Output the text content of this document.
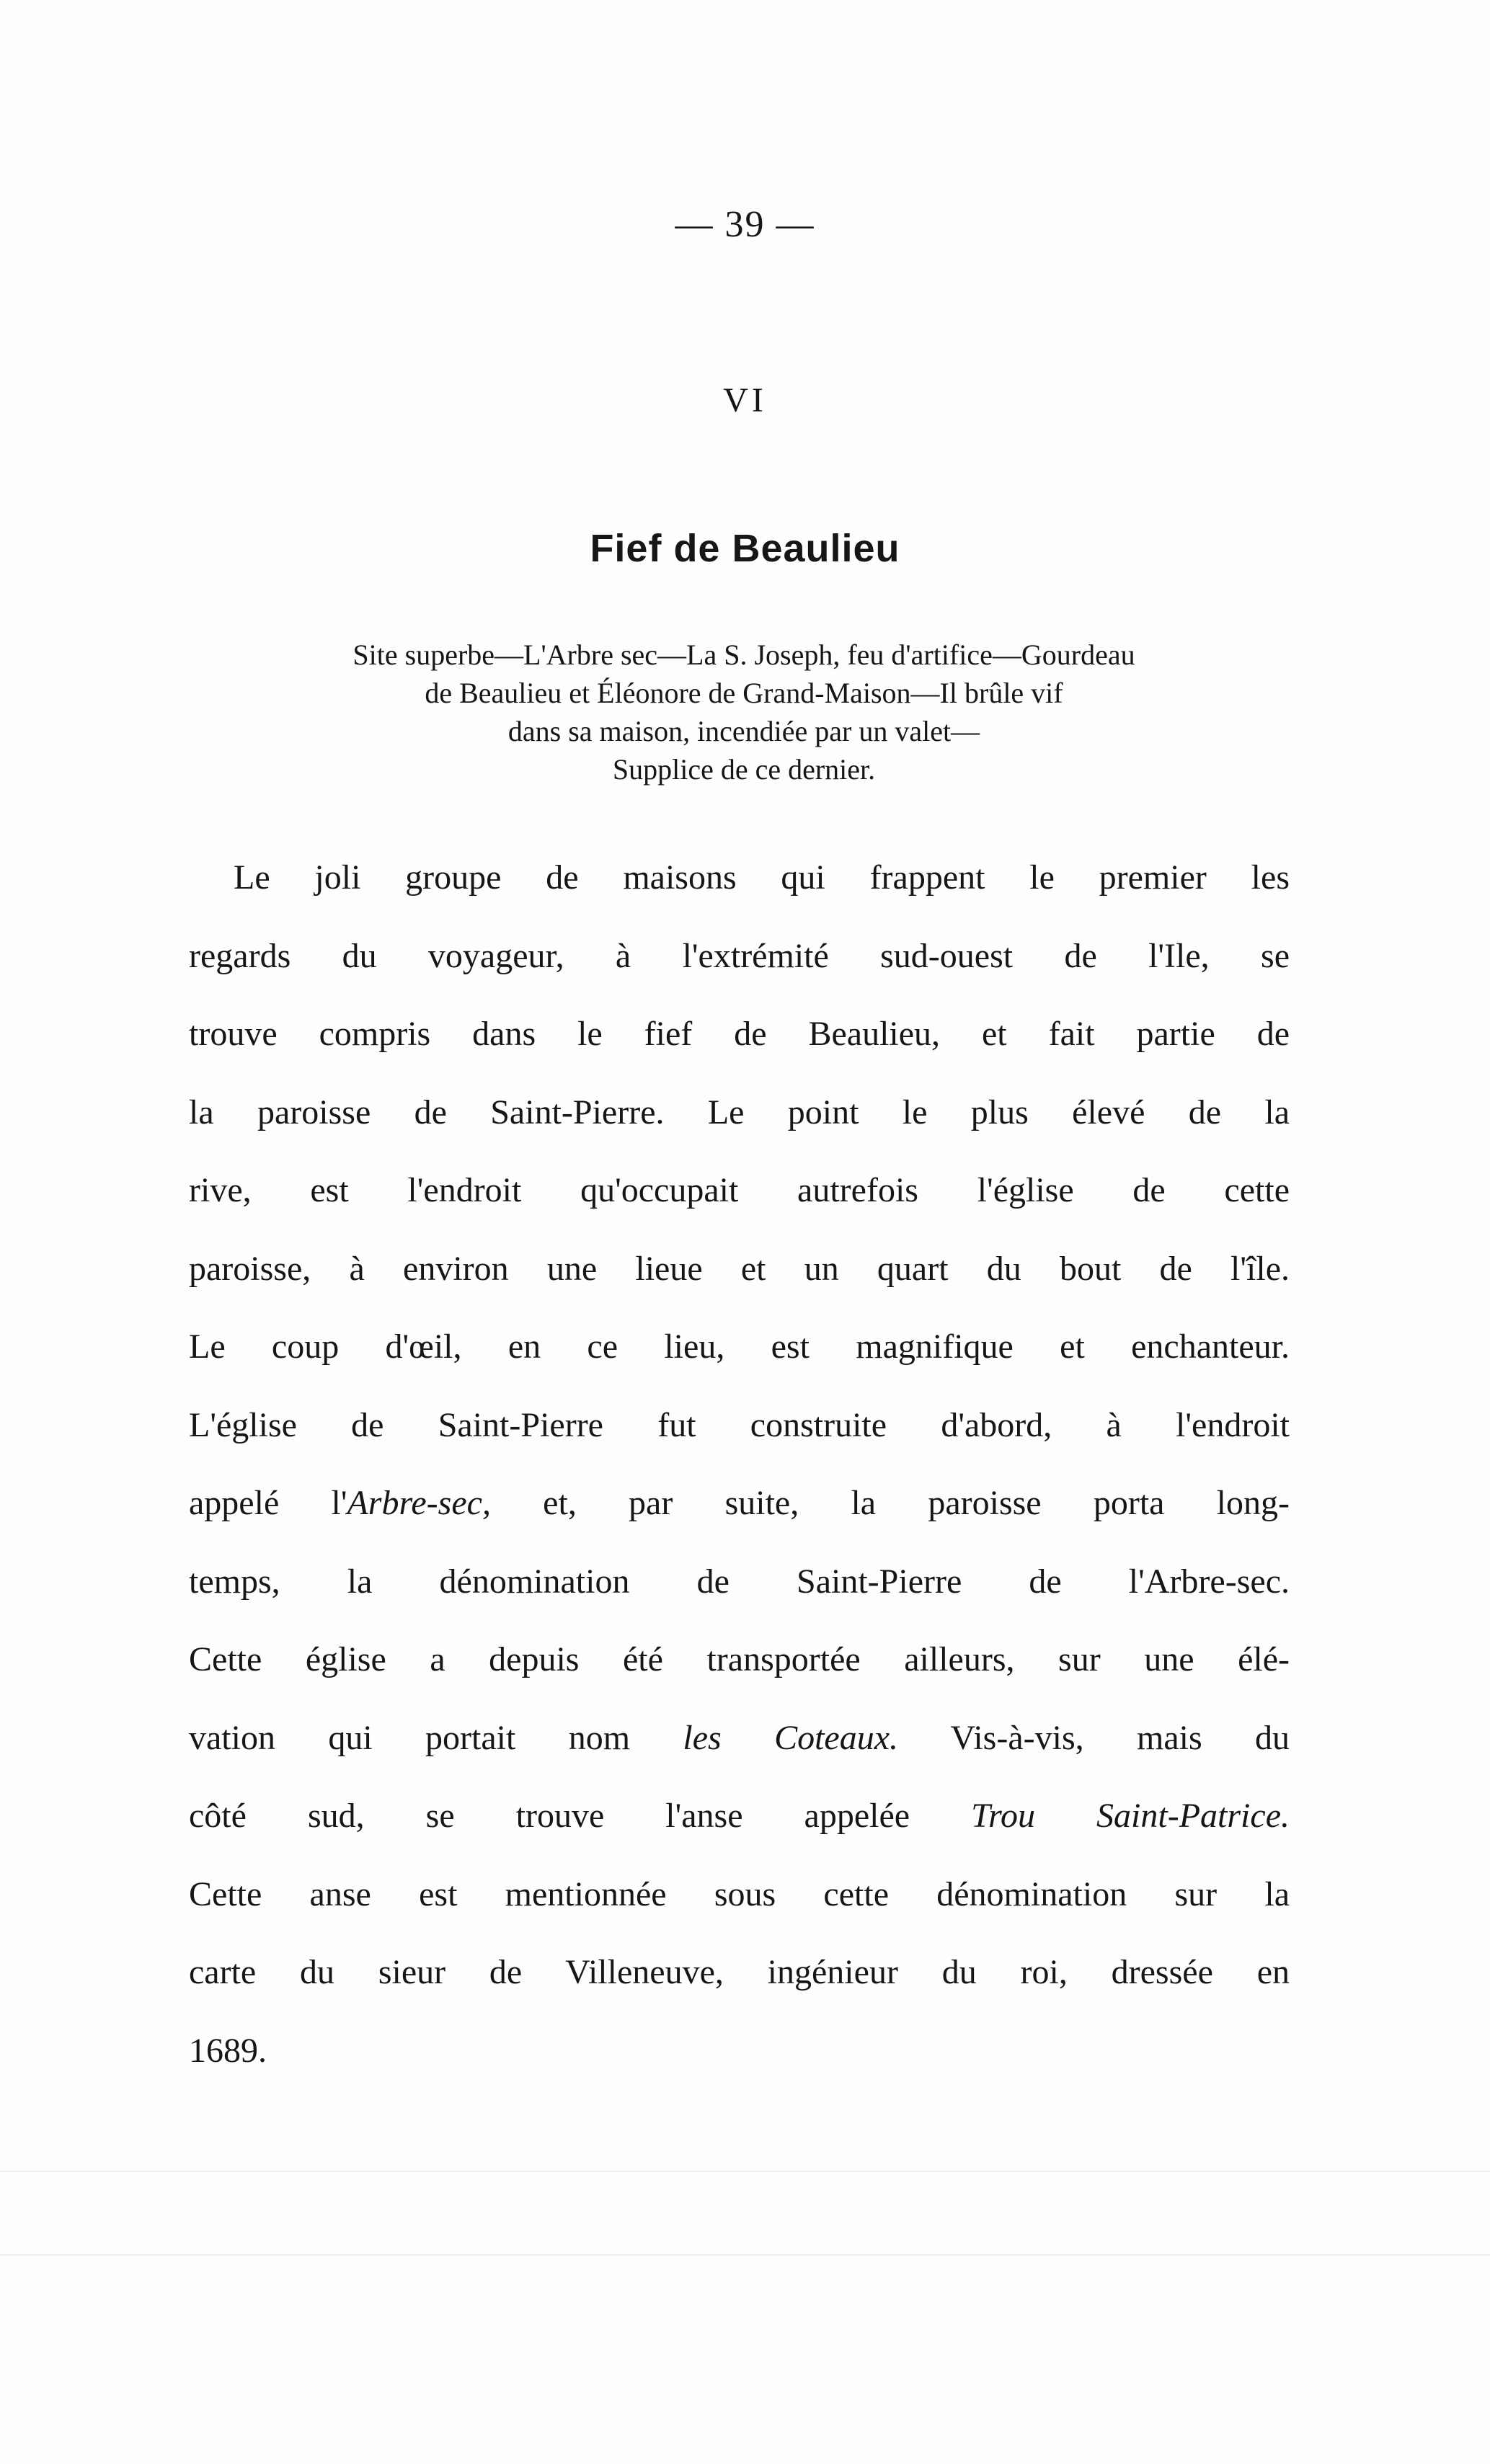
— 39 —
VI
Fief de Beaulieu
Site superbe—L'Arbre sec—La S. Joseph, feu d'artifice—Gourdeau
de Beaulieu et Éléonore de Grand-Maison—Il brûle vif
dans sa maison, incendiée par un valet—
Supplice de ce dernier.
Le joli groupe de maisons qui frappent le premier les
regards du voyageur, à l'extrémité sud-ouest de l'Ile, se
trouve compris dans le fief de Beaulieu, et fait partie de
la paroisse de Saint-Pierre. Le point le plus élevé de la
rive, est l'endroit qu'occupait autrefois l'église de cette
paroisse, à environ une lieue et un quart du bout de l'île.
Le coup d'œil, en ce lieu, est magnifique et enchanteur.
L'église de Saint-Pierre fut construite d'abord, à l'endroit
appelé l'Arbre-sec, et, par suite, la paroisse porta long-
temps, la dénomination de Saint-Pierre de l'Arbre-sec.
Cette église a depuis été transportée ailleurs, sur une élé-
vation qui portait nom les Coteaux. Vis-à-vis, mais du
côté sud, se trouve l'anse appelée Trou Saint-Patrice.
Cette anse est mentionnée sous cette dénomination sur la
carte du sieur de Villeneuve, ingénieur du roi, dressée en
1689.
